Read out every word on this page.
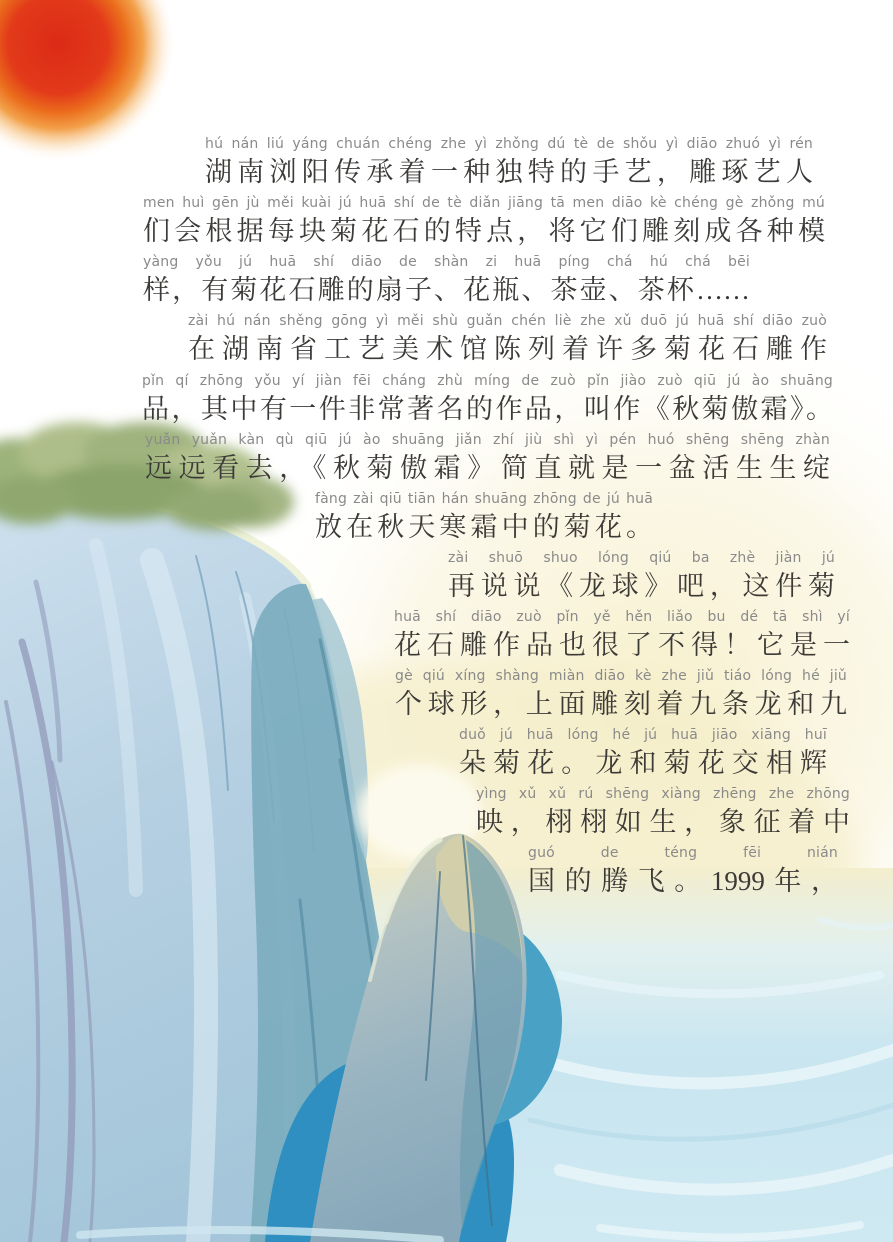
hú nán liú yáng chuán chéng zhe yì zhǒng dú tè de shǒu yì diāo zhuó yì rén
湖南浏阳传承着一种独特的手艺，雕琢艺人
men huì gēn jù měi kuài jú huā shí de tè diǎn jiāng tā men diāo kè chéng gè zhǒng mú
们会根据每块菊花石的特点，将它们雕刻成各种模
yàng yǒu jú huā shí diāo de shàn zi huā píng chá hú chá bēi
样，有菊花石雕的扇子、花瓶、茶壶、茶杯……
zài hú nán shěng gōng yì měi shù guǎn chén liè zhe xǔ duō jú huā shí diāo zuò
在湖南省工艺美术馆陈列着许多菊花石雕作
pǐn qí zhōng yǒu yí jiàn fēi cháng zhù míng de zuò pǐn jiào zuò qiū jú ào shuāng
品，其中有一件非常著名的作品，叫作《秋菊傲霜》。
yuǎn yuǎn kàn qù qiū jú ào shuāng jiǎn zhí jiù shì yì pén huó shēng shēng zhàn
远远看去，《秋菊傲霜》简直就是一盆活生生绽
fàng zài qiū tiān hán shuāng zhōng de jú huā
放在秋天寒霜中的菊花。
zài shuō shuo lóng qiú ba zhè jiàn jú
再说说《龙球》吧，这件菊
huā shí diāo zuò pǐn yě hěn liǎo bu dé tā shì yí
花石雕作品也很了不得！它是一
gè qiú xíng shàng miàn diāo kè zhe jiǔ tiáo lóng hé jiǔ
个球形，上面雕刻着九条龙和九
duǒ jú huā lóng hé jú huā jiāo xiāng huī
朵菊花。龙和菊花交相辉
yìng xǔ xǔ rú shēng xiàng zhēng zhe zhōng
映，栩栩如生，象征着中
guó de téng fēi nián
国的腾飞。1999年，
